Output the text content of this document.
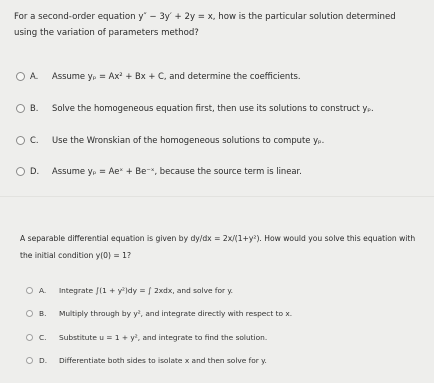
For a second-order equation y″ − 3y′ + 2y = x, how is the particular solution determined using the variation of parameters method?
A.	Assume yₚ = Ax² + Bx + C, and determine the coefficients.
B.	Solve the homogeneous equation first, then use its solutions to construct yₚ.
C.	Use the Wronskian of the homogeneous solutions to compute yₚ.
D.	Assume yₚ = Aeˣ + Be⁻ˣ, because the source term is linear.
A separable differential equation is given by dy/dx = 2x/(1+y²). How would you solve this equation with the initial condition y(0) = 1?
A.	Integrate ∫(1 + y²)dy = ∫ 2xdx, and solve for y.
B.	Multiply through by y², and integrate directly with respect to x.
C.	Substitute u = 1 + y², and integrate to find the solution.
D.	Differentiate both sides to isolate x and then solve for y.
